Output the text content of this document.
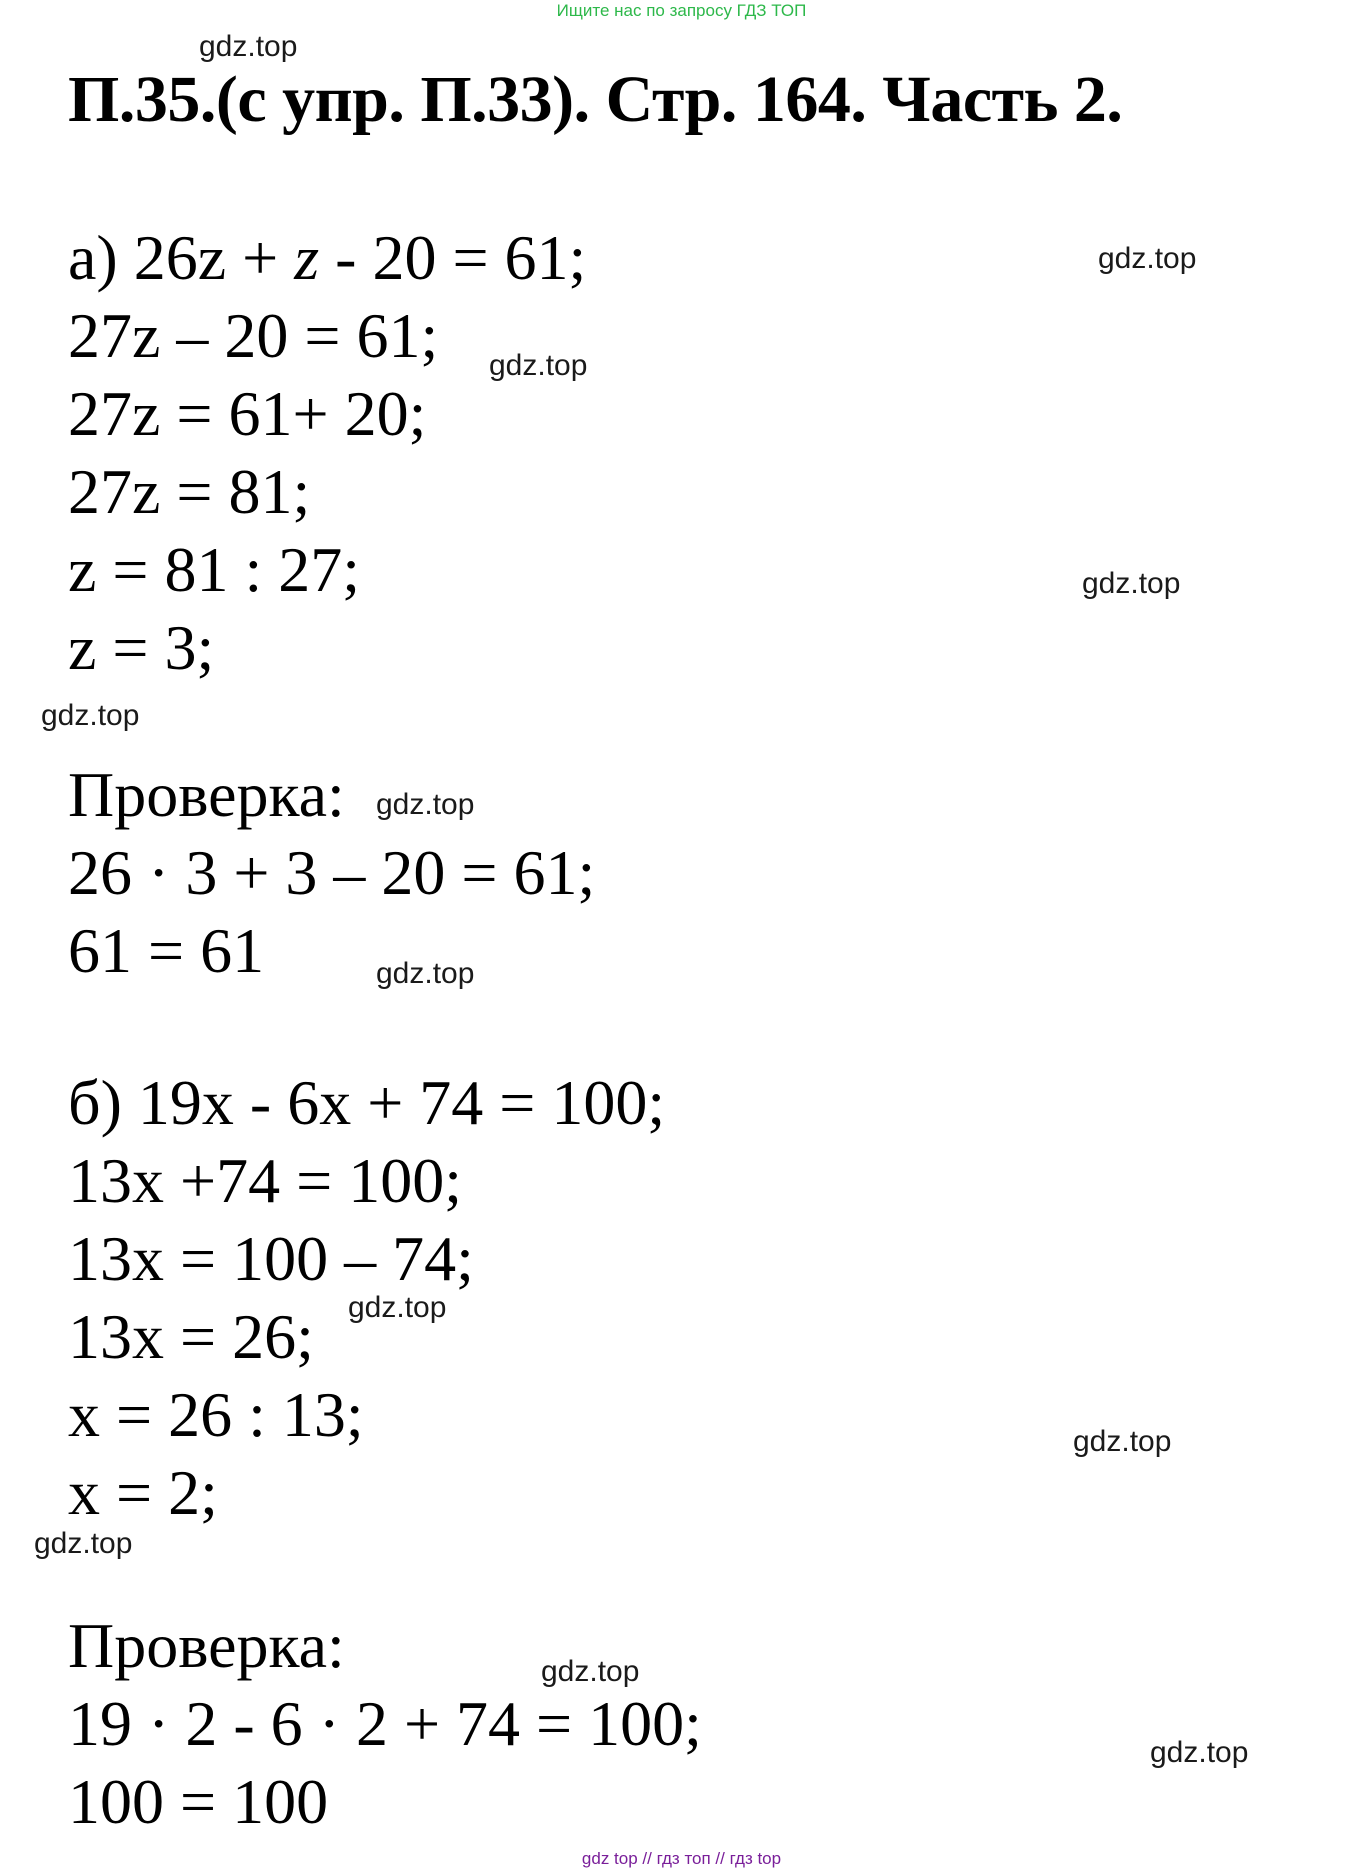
Ищите нас по запросу ГДЗ ТОП
gdz.top
П.35.(с упр. П.33). Стр. 164. Часть 2.
gdz.top
а) 26z + z - 20 = 61;
27z – 20 = 61; gdz.top
27z = 61+ 20;
27z = 81;
z = 81 : 27;	gdz.top
z = 3;
gdz.top
Проверка: gdz.top
26 · 3 + 3 – 20 = 61;
61 = 61	gdz.top
б) 19x - 6x + 74 = 100;
13x +74 = 100;
13x = 100 – 74;
gdz.top
13x = 26;
x = 26 : 13;	gdz.top
x = 2;
gdz.top
Проверка:	gdz.top
19 · 2 - 6 · 2 + 74 = 100;	gdz.top
100 = 100
gdz top // гдз топ // гдз top
